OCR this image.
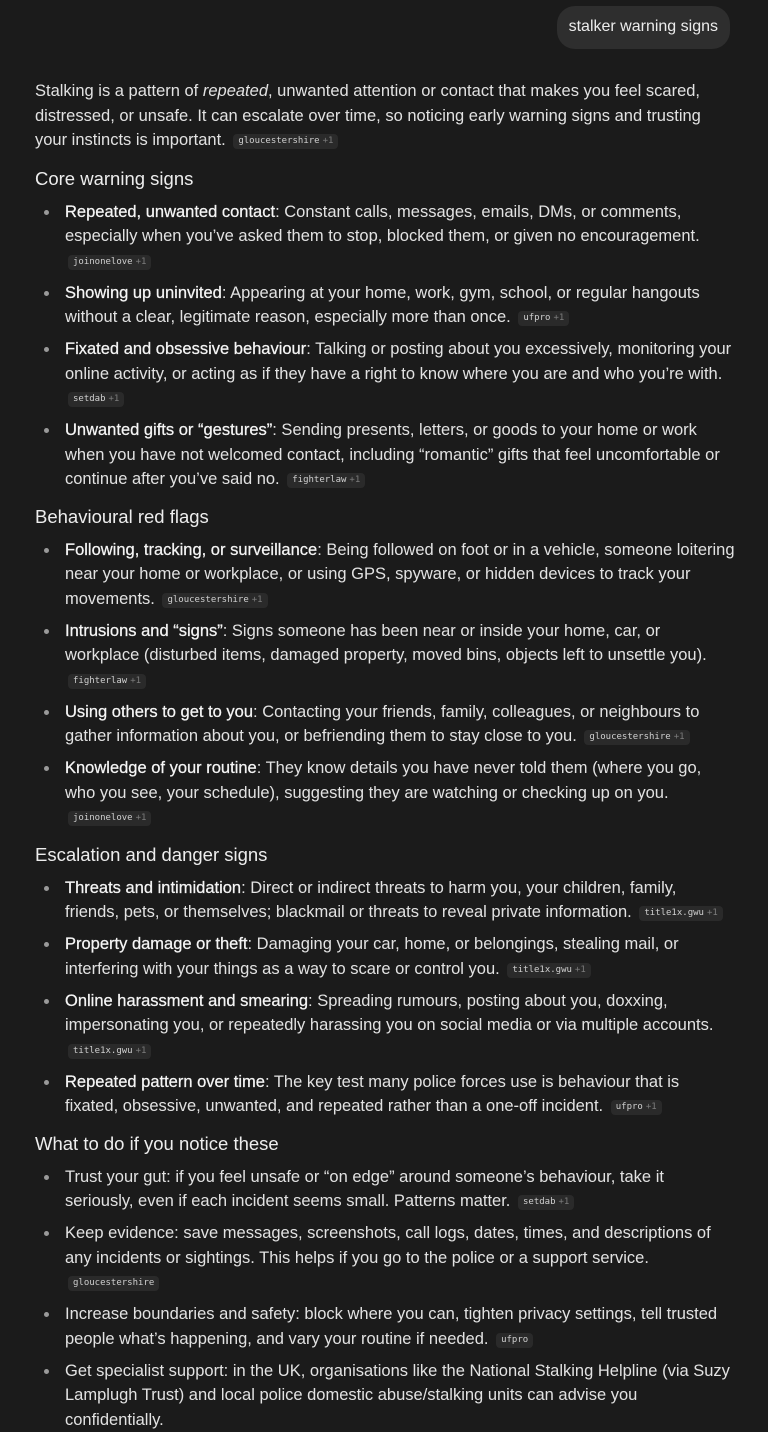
stalker warning signs

Stalking is a pattern of repeated, unwanted attention or contact that makes you feel scared, distressed, or unsafe. It can escalate over time, so noticing early warning signs and trusting your instincts is important. gloucestershire +1

Core warning signs
Repeated, unwanted contact: Constant calls, messages, emails, DMs, or comments, especially when you’ve asked them to stop, blocked them, or given no encouragement. joinonelove +1
Showing up uninvited: Appearing at your home, work, gym, school, or regular hangouts without a clear, legitimate reason, especially more than once. ufpro +1
Fixated and obsessive behaviour: Talking or posting about you excessively, monitoring your online activity, or acting as if they have a right to know where you are and who you’re with. setdab +1
Unwanted gifts or “gestures”: Sending presents, letters, or goods to your home or work when you have not welcomed contact, including “romantic” gifts that feel uncomfortable or continue after you’ve said no. fighterlaw +1
Behavioural red flags
Following, tracking, or surveillance: Being followed on foot or in a vehicle, someone loitering near your home or workplace, or using GPS, spyware, or hidden devices to track your movements. gloucestershire +1
Intrusions and “signs”: Signs someone has been near or inside your home, car, or workplace (disturbed items, damaged property, moved bins, objects left to unsettle you). fighterlaw +1
Using others to get to you: Contacting your friends, family, colleagues, or neighbours to gather information about you, or befriending them to stay close to you. gloucestershire +1
Knowledge of your routine: They know details you have never told them (where you go, who you see, your schedule), suggesting they are watching or checking up on you. joinonelove +1
Escalation and danger signs
Threats and intimidation: Direct or indirect threats to harm you, your children, family, friends, pets, or themselves; blackmail or threats to reveal private information. title1x.gwu +1
Property damage or theft: Damaging your car, home, or belongings, stealing mail, or interfering with your things as a way to scare or control you. title1x.gwu +1
Online harassment and smearing: Spreading rumours, posting about you, doxxing, impersonating you, or repeatedly harassing you on social media or via multiple accounts. title1x.gwu +1
Repeated pattern over time: The key test many police forces use is behaviour that is fixated, obsessive, unwanted, and repeated rather than a one-off incident. ufpro +1
What to do if you notice these
Trust your gut: if you feel unsafe or “on edge” around someone’s behaviour, take it seriously, even if each incident seems small. Patterns matter. setdab +1
Keep evidence: save messages, screenshots, call logs, dates, times, and descriptions of any incidents or sightings. This helps if you go to the police or a support service. gloucestershire
Increase boundaries and safety: block where you can, tighten privacy settings, tell trusted people what’s happening, and vary your routine if needed. ufpro
Get specialist support: in the UK, organisations like the National Stalking Helpline (via Suzy Lamplugh Trust) and local police domestic abuse/stalking units can advise you confidentially.
